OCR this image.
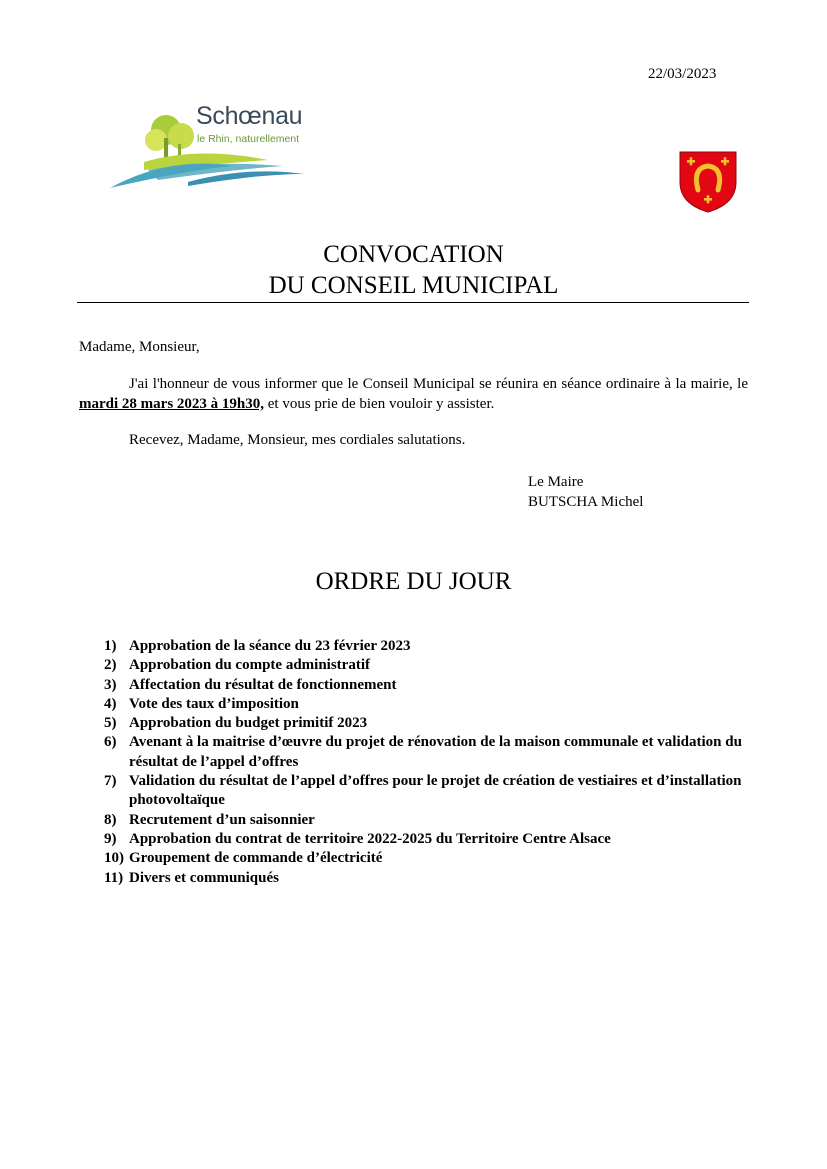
22/03/2023
Schœnau
le Rhin, naturellement
CONVOCATION
DU CONSEIL MUNICIPAL
Madame, Monsieur,
J'ai l'honneur de vous informer que le Conseil Municipal se réunira en séance ordinaire à la mairie, le mardi 28 mars 2023 à 19h30, et vous prie de bien vouloir y assister.
Recevez, Madame, Monsieur, mes cordiales salutations.
Le Maire
BUTSCHA Michel
ORDRE DU JOUR
1) Approbation de la séance du 23 février 2023
2) Approbation du compte administratif
3) Affectation du résultat de fonctionnement
4) Vote des taux d’imposition
5) Approbation du budget primitif 2023
6) Avenant à la maitrise d’œuvre du projet de rénovation de la maison communale et validation du résultat de l’appel d’offres
7) Validation du résultat de l’appel d’offres pour le projet de création de vestiaires et d’installation photovoltaïque
8) Recrutement d’un saisonnier
9) Approbation du contrat de territoire 2022-2025 du Territoire Centre Alsace
10) Groupement de commande d’électricité
11) Divers et communiqués
